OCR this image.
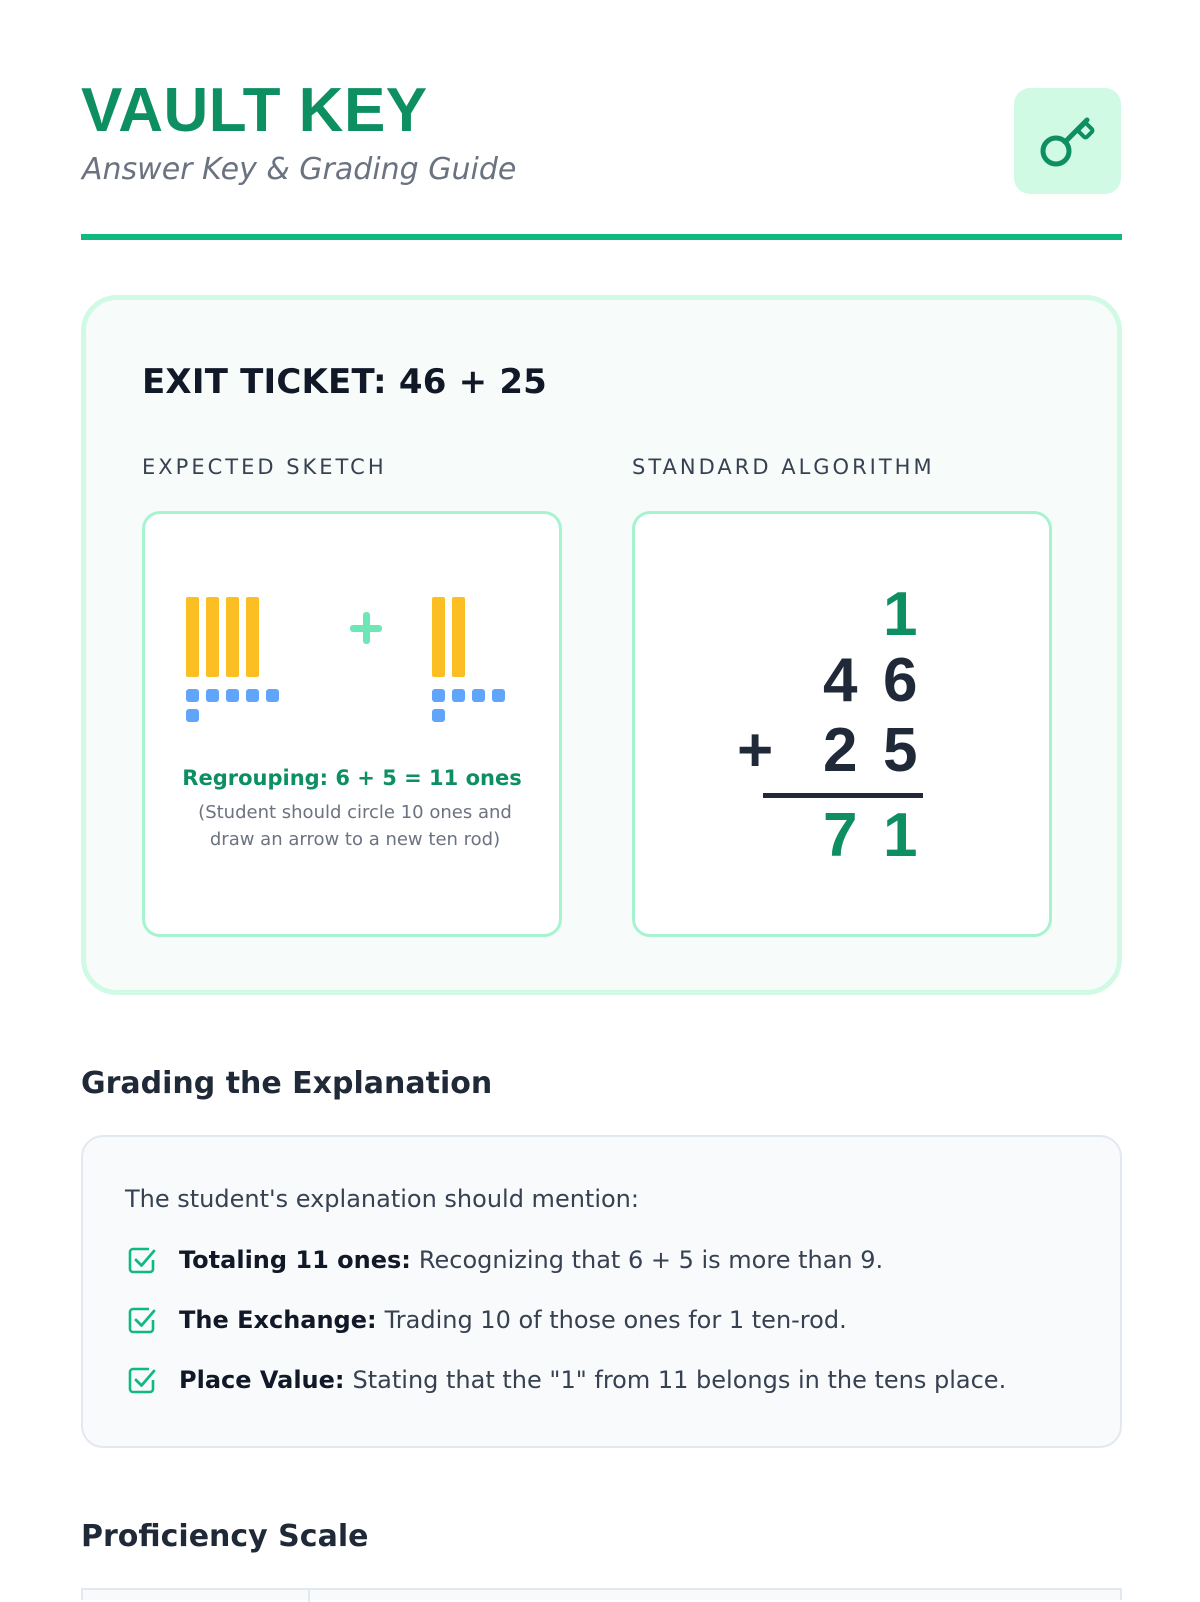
VAULT KEY
Answer Key & Grading Guide
EXIT TICKET: 46 + 25
EXPECTED SKETCH	STANDARD ALGORITHM
Regrouping: 6 + 5 = 11 ones
(Student should circle 10 ones and draw an arrow to a new ten rod)
1
4 6
+ 2 5
7 1
Grading the Explanation
The student's explanation should mention:
Totaling 11 ones: Recognizing that 6 + 5 is more than 9.
The Exchange: Trading 10 of those ones for 1 ten-rod.
Place Value: Stating that the "1" from 11 belongs in the tens place.
Proficiency Scale
